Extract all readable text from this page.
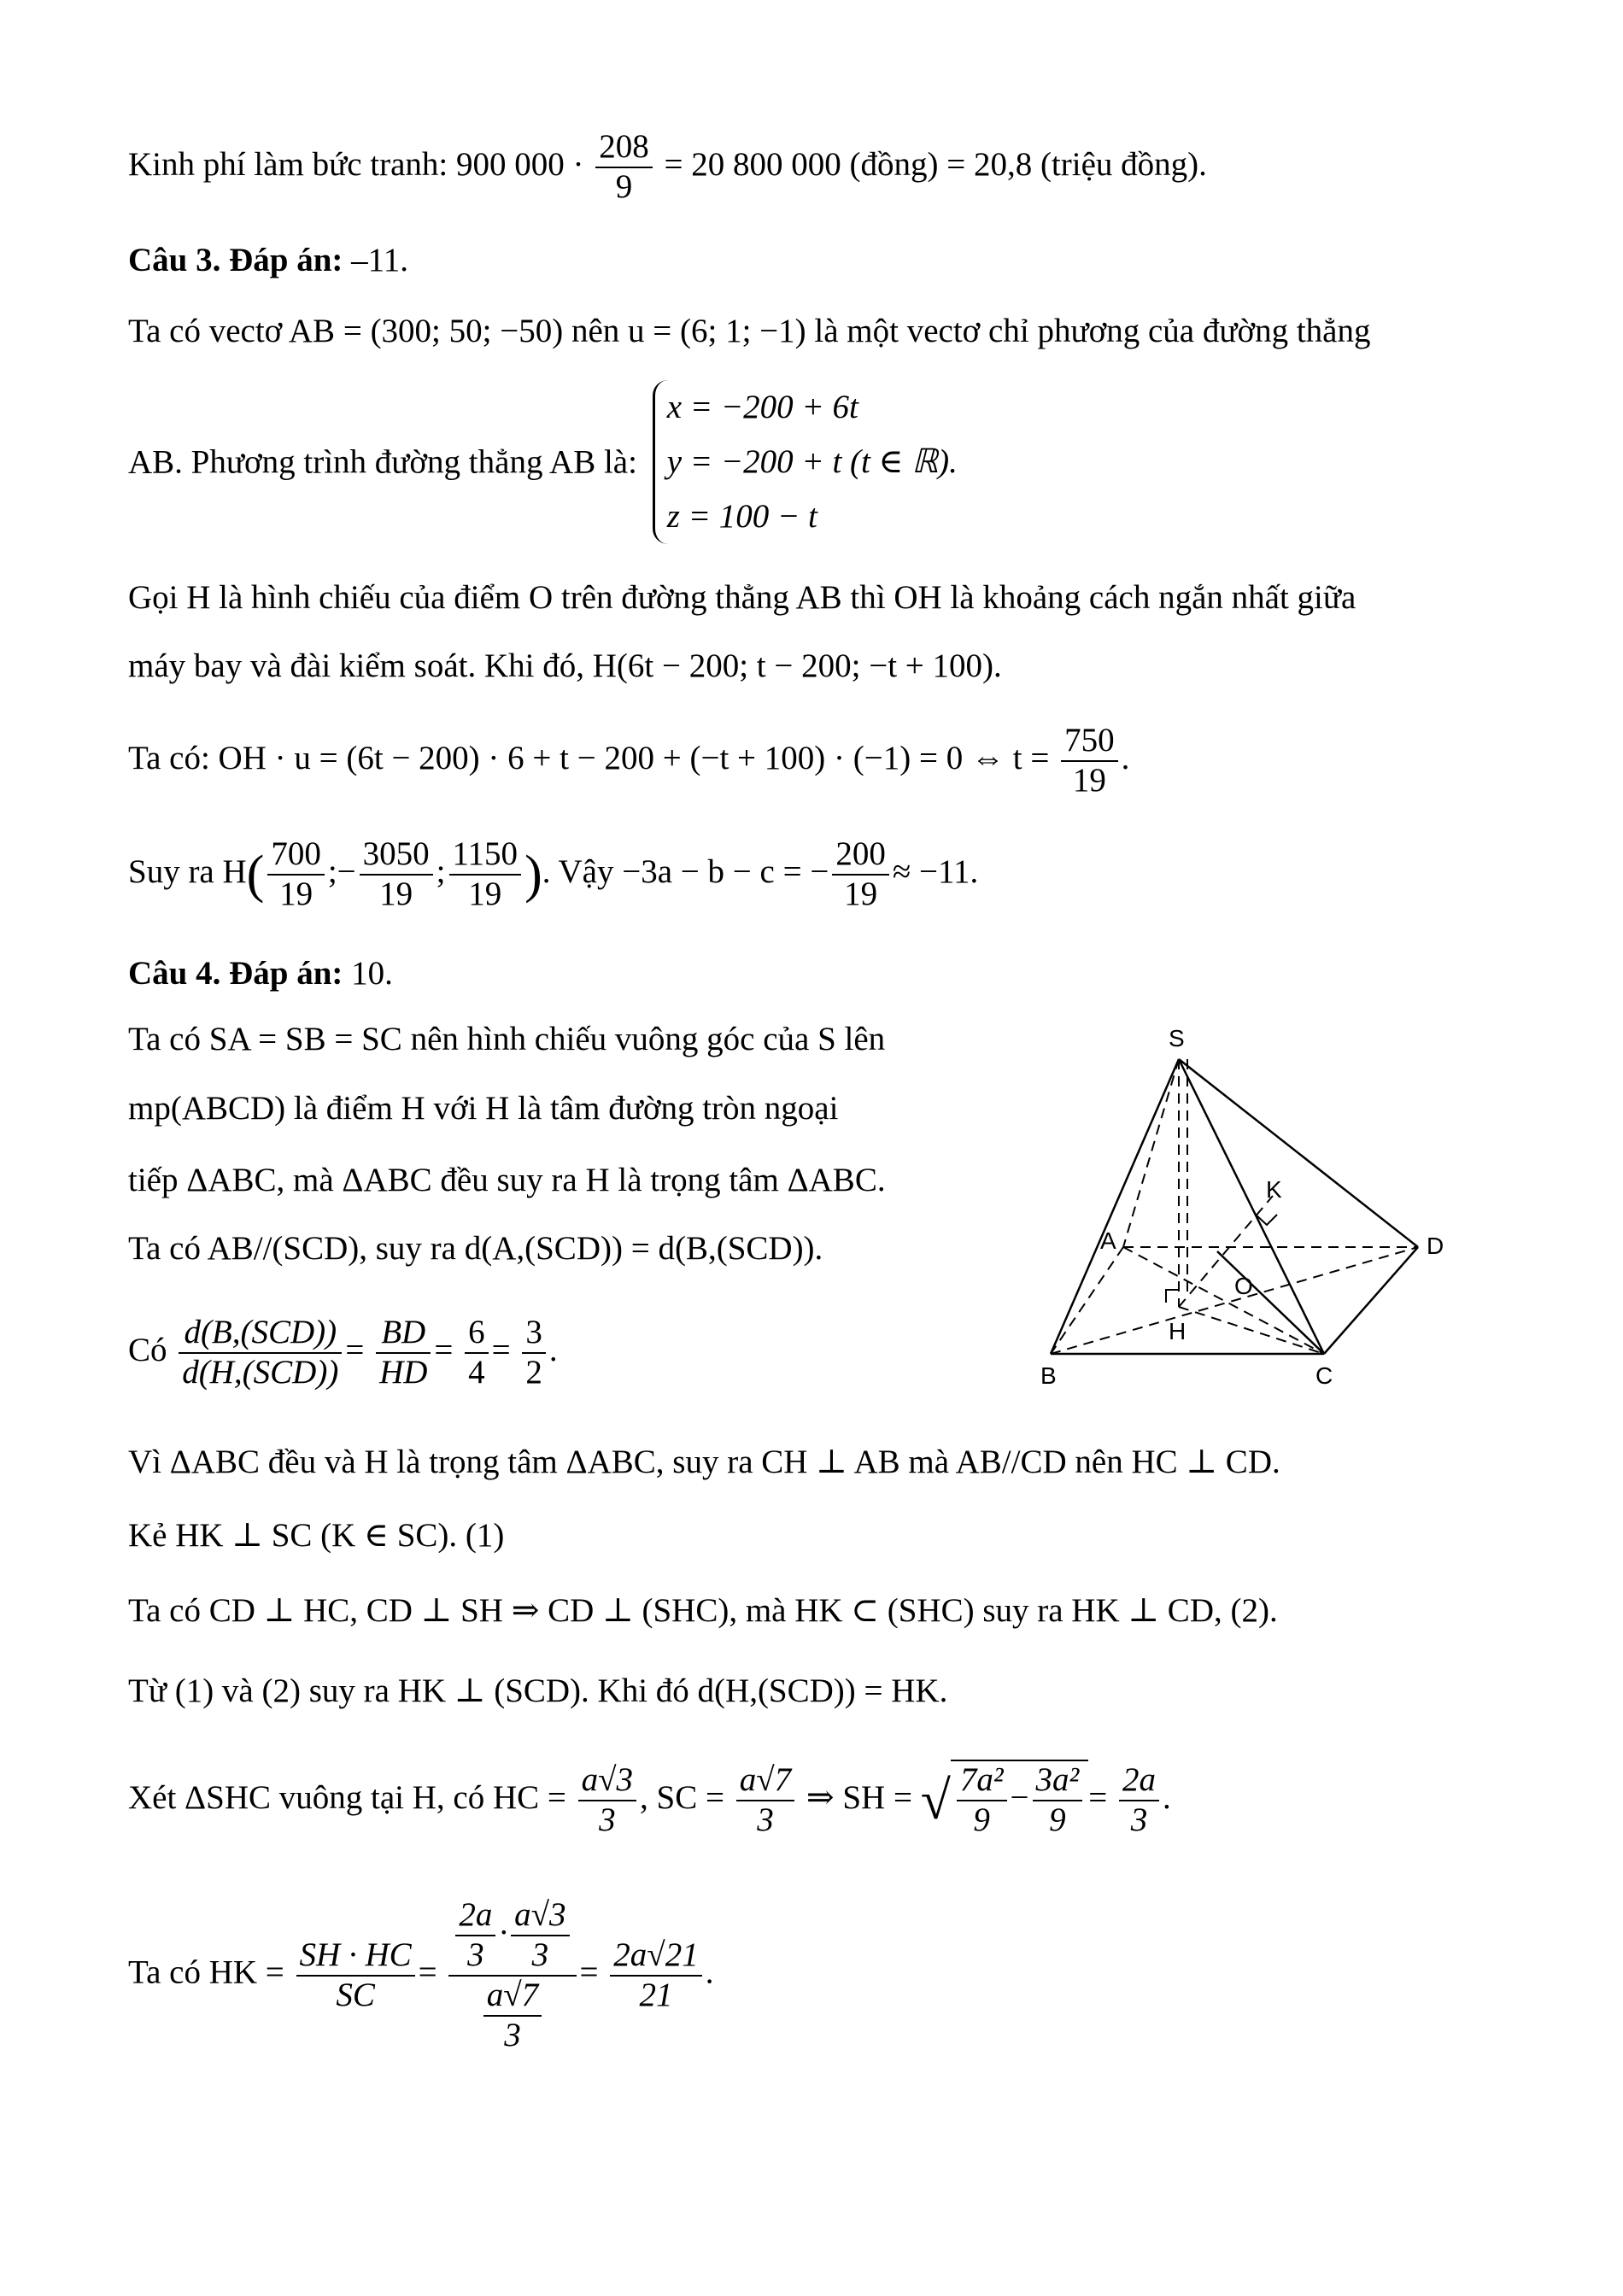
Kinh phí làm bức tranh: 900 $000 \cdot \frac{208}{9} = 20$ 800 000 (đồng) = 20,8 (triệu đồng).
Câu 3. Đáp án: –11.
Ta có vectơ AB = (300; 50; −50) nên u = (6; 1; −1) là một vectơ chỉ phương của đường thẳng
AB. Phương trình đường thẳng AB là:
x = −200 + 6t
y = −200 + t (t ∈ ℝ).
z = 100 − t
Gọi H là hình chiếu của điểm O trên đường thẳng AB thì OH là khoảng cách ngắn nhất giữa
máy bay và đài kiểm soát. Khi đó, H(6t − 200; t − 200; −t + 100).
Ta có: OH · u = (6t − 200) · 6 + t − 200 + (−t + 100) · (−1) = 0 ⇔ $t = \frac{750}{19}$ .
Suy ra $H( \frac{700}{19}$ ;− $\frac{3050}{19}$ ; $\frac{1150}{19}$ ). Vậy −3a − b − c = − $\frac{200}{19} \approx -11$.
Câu 4. Đáp án: 10.
Ta có SA = SB = SC nên hình chiếu vuông góc của S lên
mp(ABCD) là điểm H với H là tâm đường tròn ngoại
tiếp ΔABC, mà ΔABC đều suy ra H là trọng tâm ΔABC.
Ta có AB//(SCD), suy ra d(A,(SCD)) = d(B,(SCD)).
Có $\frac{\text{d(B,(SCD))}}{\text{d(H,(SCD))}} = \frac{BD}{HD} = \frac{6}{4} = \frac{3}{2}$ .
Vì ΔABC đều và H là trọng tâm ΔABC, suy ra CH ⊥ AB mà AB//CD nên HC ⊥ CD.
Kẻ HK ⊥ SC (K ∈ SC). (1)
Ta có CD ⊥ HC, CD ⊥ SH ⇒ CD ⊥ (SHC), mà HK ⊂ (SHC) suy ra HK ⊥ CD, (2).
Từ (1) và (2) suy ra HK ⊥ (SCD). Khi đó d(H,(SCD)) = HK.
Xét ΔSHC vuông tại H, có HC = $\frac{a√3}{3}$ , SC = $\frac{a√7}{3}$ ⇒ SH = √ $\frac{\text{7a²}}{9} - \frac{\text{3a²}}{9} = \frac{2a}{3}$ .
Ta có HK = $\frac{SH \cdot HC}{SC} = \frac{\frac{2a}{3} \cdot \frac{a√3}{3}}{\frac{a√7}{3}} = \frac{2a√21}{21}$ .
S
A
B	C
D
H
K
O
